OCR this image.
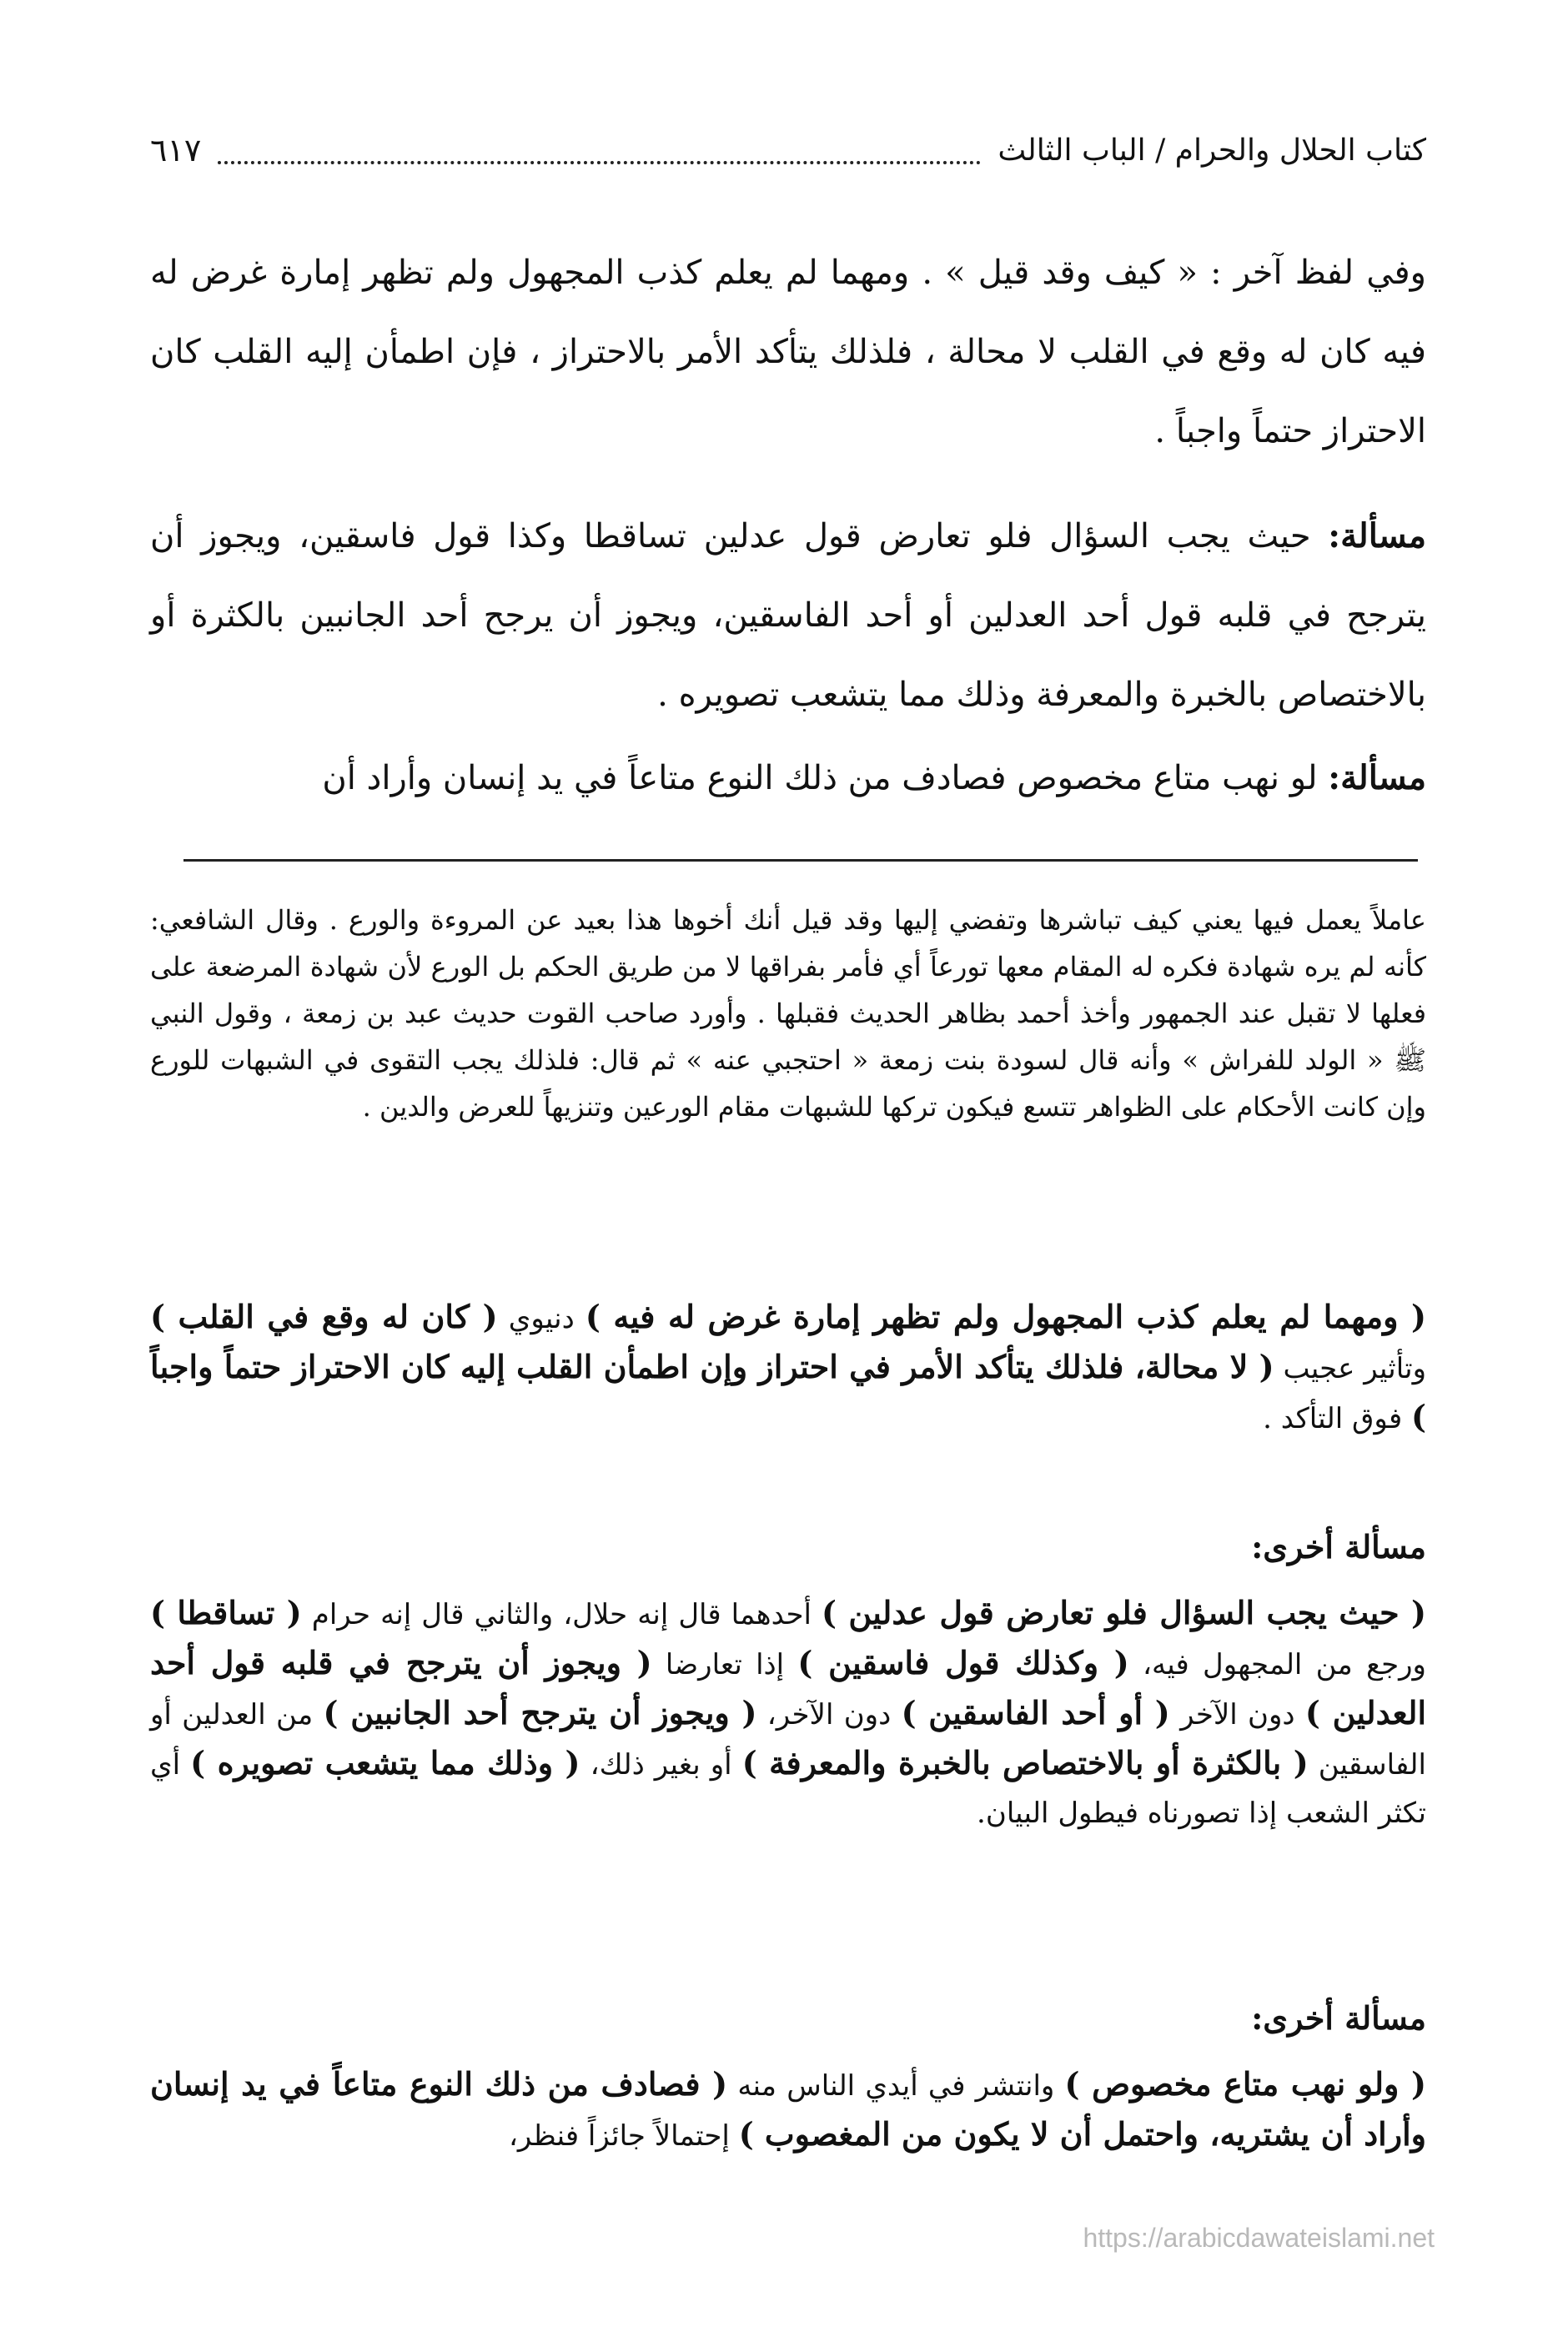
كتاب الحلال والحرام / الباب الثالث
٦١٧
وفي لفظ آخر : « كيف وقد قيل » . ومهما لم يعلم كذب المجهول ولم تظهر إمارة غرض له فيه كان له وقع في القلب لا محالة ، فلذلك يتأكد الأمر بالاحتراز ، فإن اطمأن إليه القلب كان الاحتراز حتماً واجباً .
مسألة: حيث يجب السؤال فلو تعارض قول عدلين تساقطا وكذا قول فاسقين، ويجوز أن يترجح في قلبه قول أحد العدلين أو أحد الفاسقين، ويجوز أن يرجح أحد الجانبين بالكثرة أو بالاختصاص بالخبرة والمعرفة وذلك مما يتشعب تصويره .
مسألة: لو نهب متاع مخصوص فصادف من ذلك النوع متاعاً في يد إنسان وأراد أن
عاملاً يعمل فيها يعني كيف تباشرها وتفضي إليها وقد قيل أنك أخوها هذا بعيد عن المروءة والورع . وقال الشافعي: كأنه لم يره شهادة فكره له المقام معها تورعاً أي فأمر بفراقها لا من طريق الحكم بل الورع لأن شهادة المرضعة على فعلها لا تقبل عند الجمهور وأخذ أحمد بظاهر الحديث فقبلها . وأورد صاحب القوت حديث عبد بن زمعة ، وقول النبي ﷺ « الولد للفراش » وأنه قال لسودة بنت زمعة « احتجبي عنه » ثم قال: فلذلك يجب التقوى في الشبهات للورع وإن كانت الأحكام على الظواهر تتسع فيكون تركها للشبهات مقام الورعين وتنزيهاً للعرض والدين .
( ومهما لم يعلم كذب المجهول ولم تظهر إمارة غرض له فيه ) دنيوي ( كان له وقع في القلب ) وتأثير عجيب ( لا محالة، فلذلك يتأكد الأمر في احتراز وإن اطمأن القلب إليه كان الاحتراز حتماً واجباً ) فوق التأكد .
مسألة أخرى:
( حيث يجب السؤال فلو تعارض قول عدلين ) أحدهما قال إنه حلال، والثاني قال إنه حرام ( تساقطا ) ورجع من المجهول فيه، ( وكذلك قول فاسقين ) إذا تعارضا ( ويجوز أن يترجح في قلبه قول أحد العدلين ) دون الآخر ( أو أحد الفاسقين ) دون الآخر، ( ويجوز أن يترجح أحد الجانبين ) من العدلين أو الفاسقين ( بالكثرة أو بالاختصاص بالخبرة والمعرفة ) أو بغير ذلك، ( وذلك مما يتشعب تصويره ) أي تكثر الشعب إذا تصورناه فيطول البيان.
مسألة أخرى:
( ولو نهب متاع مخصوص ) وانتشر في أيدي الناس منه ( فصادف من ذلك النوع متاعاً في يد إنسان وأراد أن يشتريه، واحتمل أن لا يكون من المغصوب ) إحتمالاً جائزاً فنظر،
https://arabicdawateislami.net
